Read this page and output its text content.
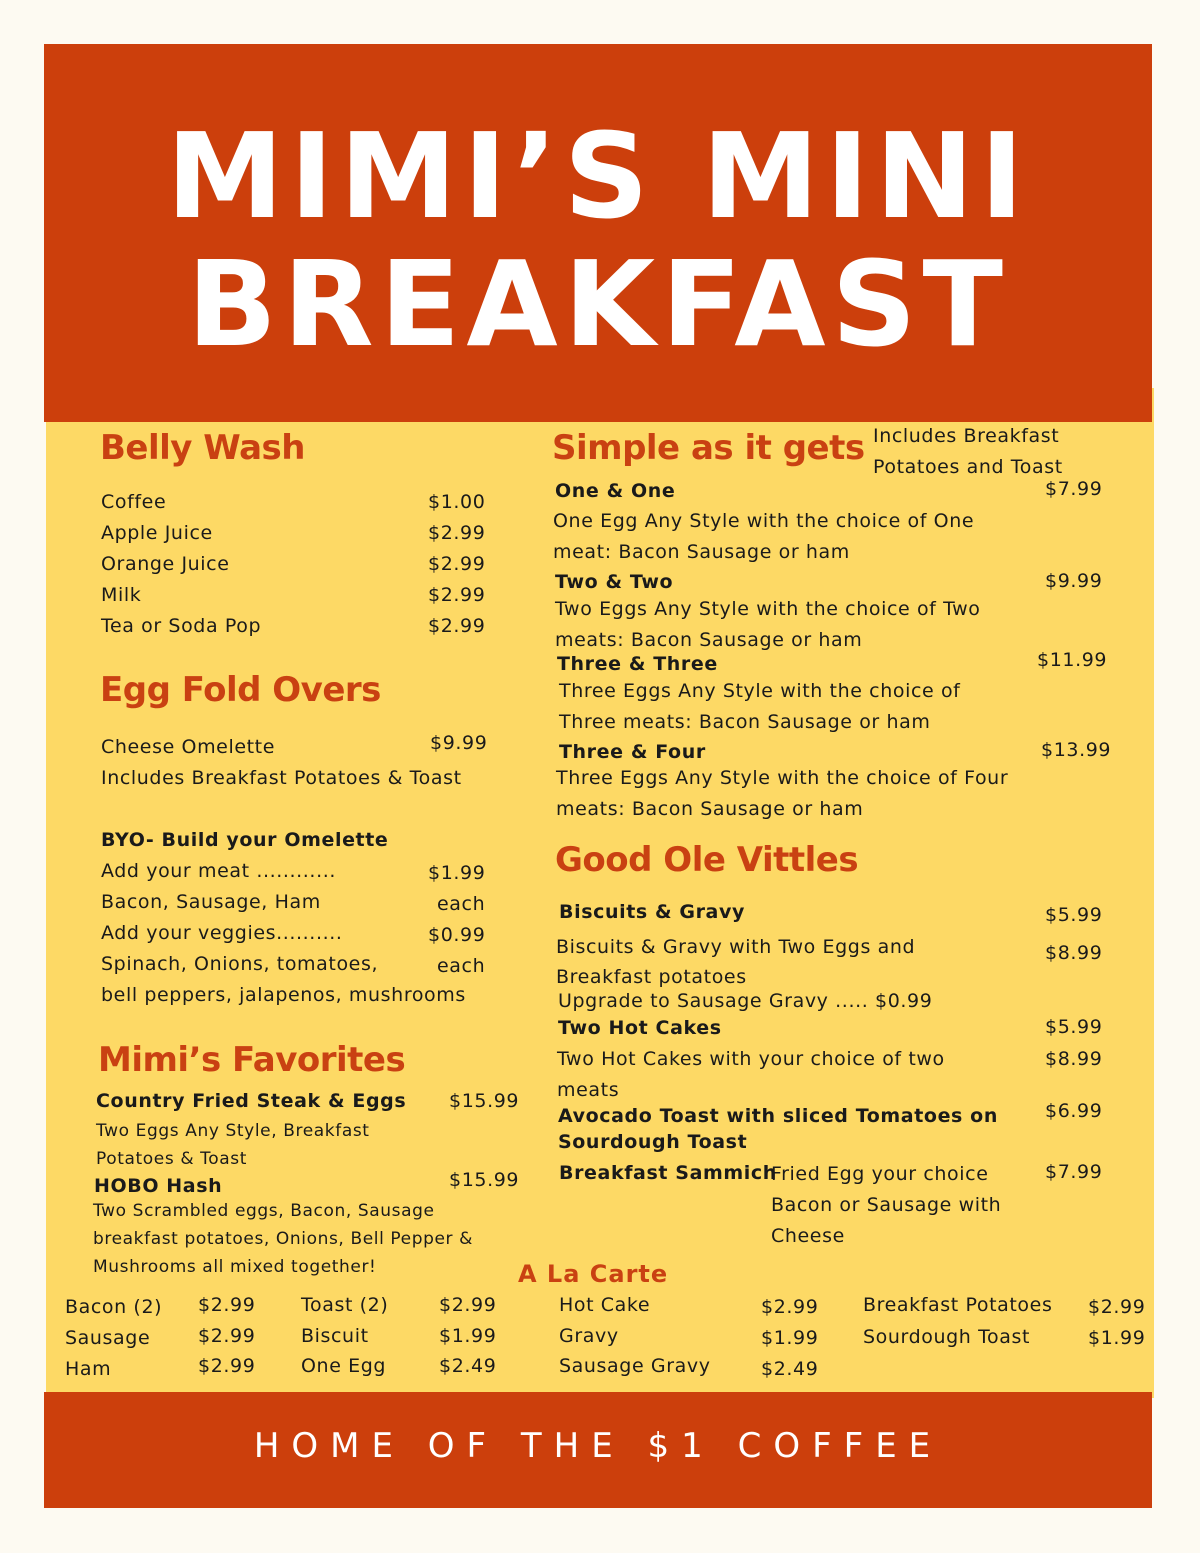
MIMI’S MINI
BREAKFAST
Belly Wash
Coffee	$1.00
Apple Juice	$2.99
Orange Juice	$2.99
Milk	$2.99
Tea or Soda Pop	$2.99
Egg Fold Overs
Cheese Omelette	$9.99
Includes Breakfast Potatoes & Toast
BYO- Build your Omelette
Add your meat ............	$1.99
Bacon, Sausage, Ham	each
Add your veggies..........	$0.99
Spinach, Onions, tomatoes,	each
bell peppers, jalapenos, mushrooms
Mimi’s Favorites
Country Fried Steak & Eggs $15.99
Two Eggs Any Style, Breakfast
Potatoes & Toast
HOBO Hash	$15.99
Two Scrambled eggs, Bacon, Sausage
breakfast potatoes, Onions, Bell Pepper &
Mushrooms all mixed together!
Simple as it gets Includes Breakfast
Potatoes and Toast
One & One	$7.99
One Egg Any Style with the choice of One
meat: Bacon Sausage or ham
Two & Two	$9.99
Two Eggs Any Style with the choice of Two
meats: Bacon Sausage or ham
Three & Three	$11.99
Three Eggs Any Style with the choice of
Three meats: Bacon Sausage or ham
Three & Four	$13.99
Three Eggs Any Style with the choice of Four
meats: Bacon Sausage or ham
Good Ole Vittles
Biscuits & Gravy	$5.99
Biscuits & Gravy with Two Eggs and	$8.99
Breakfast potatoes
Upgrade to Sausage Gravy ..... $0.99
Two Hot Cakes	$5.99
Two Hot Cakes with your choice of two	$8.99
meats
Avocado Toast with sliced Tomatoes on $6.99
Sourdough Toast
Breakfast Sammich
Fried Egg your choice	$7.99
Bacon or Sausage with
Cheese
A La Carte
Bacon (2) $2.99
Sausage	$2.99
Ham	$2.99
Toast (2)	$2.99
Biscuit	$1.99
One Egg	$2.49
Hot Cake	$2.99
Gravy	$1.99
Sausage Gravy	$2.49
Breakfast Potatoes $2.99
Sourdough Toast	$1.99
HOME OF THE $1 COFFEE
